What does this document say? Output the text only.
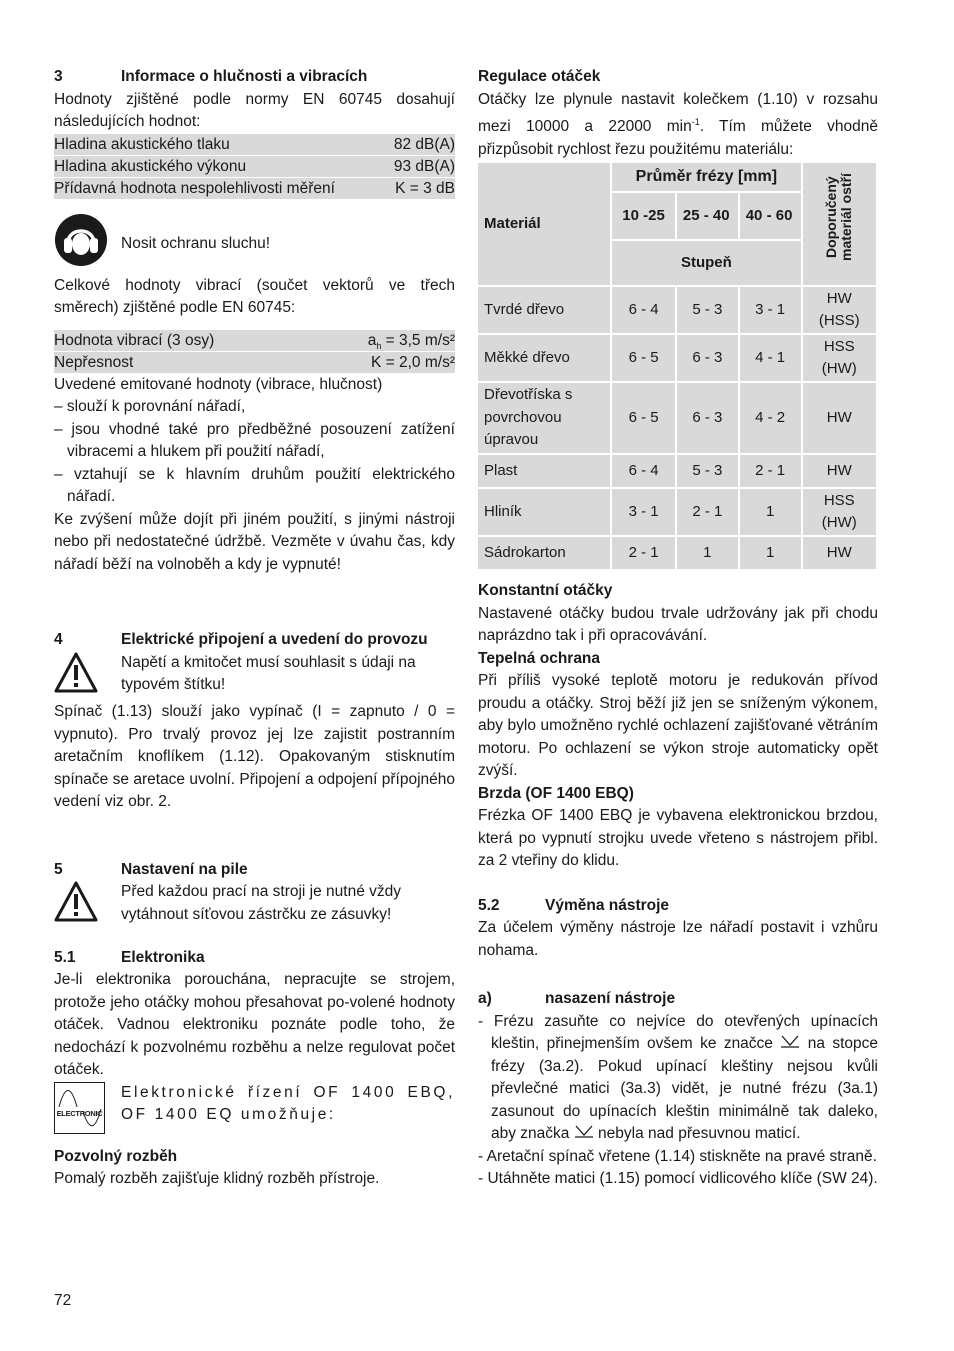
3	Informace o hlučnosti a vibracích

Hodnoty zjištěné podle normy EN 60745 dosahují následujících hodnot:

Hladina akustického tlaku	82 dB(A)
Hladina akustického výkonu	93 dB(A)
Přídavná hodnota nespolehlivosti měření	K = 3 dB
Nosit ochranu sluchu!

Celkové hodnoty vibrací (součet vektorů ve třech směrech) zjištěné podle EN 60745:

Hodnota vibrací (3 osy)	$a_h = 3,5$ m/s²
Nepřesnost	K = 2,0 m/s²

Uvedené emitované hodnoty (vibrace, hlučnost)

– slouží k porovnání nářadí,
– jsou vhodné také pro předběžné posouzení zatížení vibracemi a hlukem při použití nářadí,
– vztahují se k hlavním druhům použití elektrického nářadí.

Ke zvýšení může dojít při jiném použití, s jinými nástroji nebo při nedostatečné údržbě. Vezměte v úvahu čas, kdy nářadí běží na volnoběh a kdy je vypnuté!

4	Elektrické připojení a uvedení do provozu
Napětí a kmitočet musí souhlasit s údaji na typovém štítku!

Spínač (1.13) slouží jako vypínač (I = zapnuto / 0 = vypnuto). Pro trvalý provoz jej lze zajistit postranním aretačním knoflíkem (1.12). Opakovaným stisknutím spínače se aretace uvolní. Připojení a odpojení přípojného vedení viz obr. 2.

5	Nastavení na pile
Před každou prací na stroji je nutné vždy vytáhnout síťovou zástrčku ze zásuvky!
5.1	Elektronika

Je-li elektronika porouchána, nepracujte se strojem, protože jeho otáčky mohou přesahovat po-volené hodnoty otáček. Vadnou elektroniku poznáte podle toho, že nedochází k pozvolnému rozběhu a nelze regulovat počet otáček.

ELECTRONIC
Elektronické řízení OF 1400 EBQ, OF 1400 EQ umožňuje:
Pozvolný rozběh

Pomalý rozběh zajišťuje klidný rozběh přístroje.

Regulace otáček

Otáčky lze plynule nastavit kolečkem (1.10) v rozsahu mezi 10000 a 22000 $\min^{-1}$. Tím můžete vhodně přizpůsobit rychlost řezu použitému materiálu:

Materiál	Průměr frézy [mm]			Doporučený materiál ostří
	10 -25	25 - 40	40 - 60	
	Stupeň			
Tvrdé dřevo	6 - 4	5 - 3	3 - 1	HW (HSS)
Měkké dřevo	6 - 5	6 - 3	4 - 1	HSS (HW)
Dřevotříska s povrchovou úpravou	6 - 5	6 - 3	4 - 2	HW
Plast	6 - 4	5 - 3	2 - 1	HW
Hliník	3 - 1	2 - 1	1	HSS (HW)
Sádrokarton	2 - 1	1	1	HW
Konstantní otáčky

Nastavené otáčky budou trvale udržovány jak při chodu naprázdno tak i při opracovávání.

Tepelná ochrana

Při příliš vysoké teplotě motoru je redukován přívod proudu a otáčky. Stroj běží již jen se sníženým výkonem, aby bylo umožněno rychlé ochlazení zajišťované větráním motoru. Po ochlazení se výkon stroje automaticky opět zvýší.

Brzda (OF 1400 EBQ)

Frézka OF 1400 EBQ je vybavena elektronickou brzdou, která po vypnutí strojku uvede vřeteno s nástrojem přibl. za 2 vteřiny do klidu.

5.2	Výměna nástroje

Za účelem výměny nástroje lze nářadí postavit i vzhůru nohama.

a)	nasazení nástroje
- Frézu zasuňte co nejvíce do otevřených upínacích kleštin, přinejmenším ovšem ke značce na stopce frézy (3a.2). Pokud upínací kleštiny nejsou kvůli převlečné matici (3a.3) vidět, je nutné frézu (3a.1) zasunout do upínacích kleštin minimálně tak daleko, aby značka nebyla nad přesuvnou maticí.
- Aretační spínač vřetene (1.14) stiskněte na pravé straně.
- Utáhněte matici (1.15) pomocí vidlicového klíče (SW 24).
72
